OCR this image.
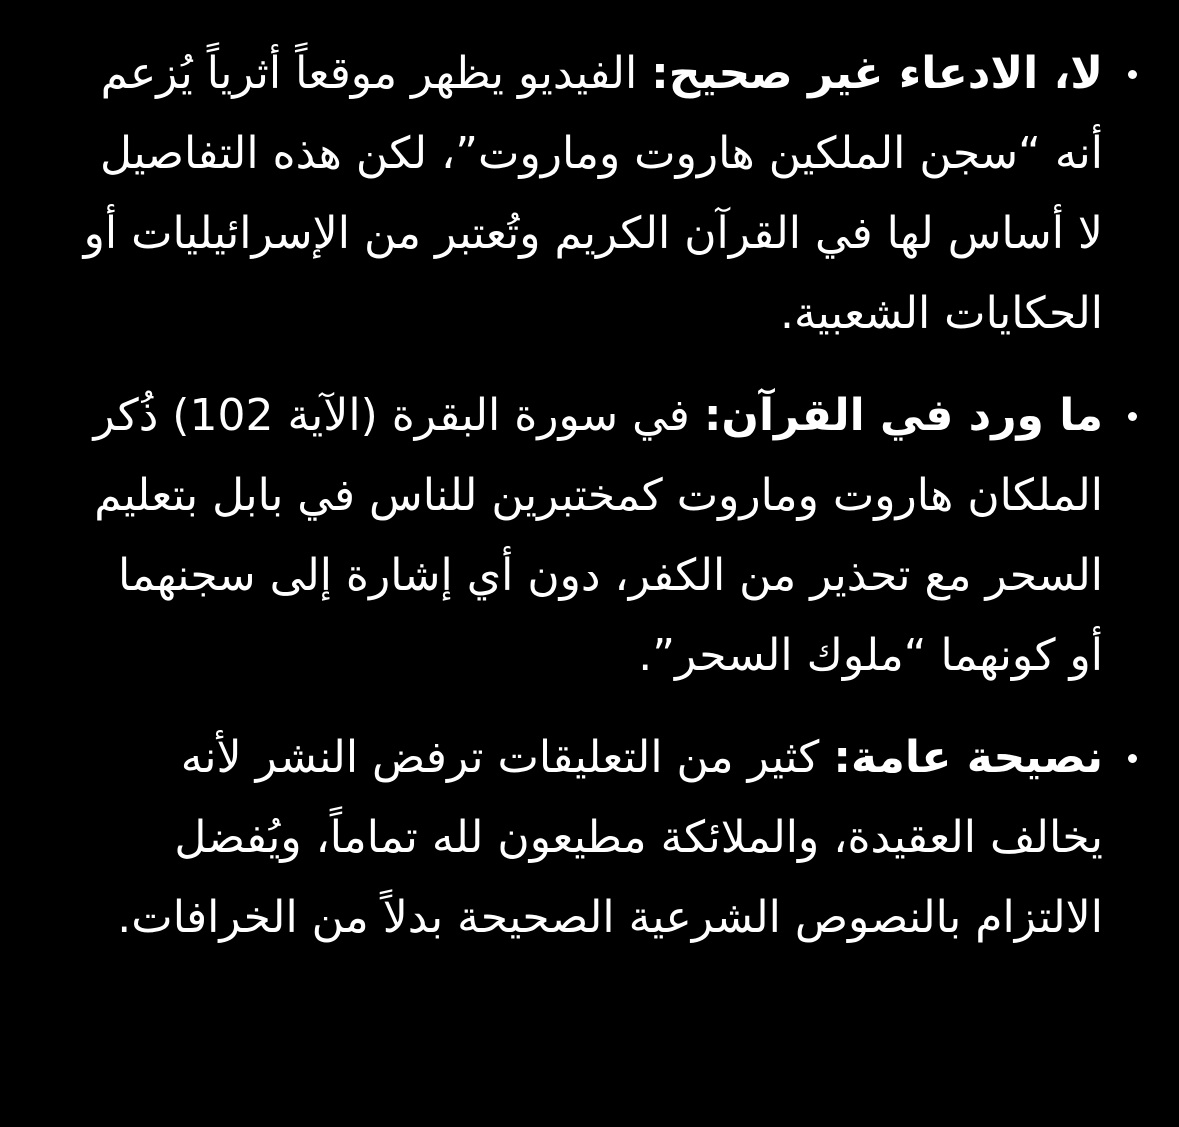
لا، الادعاء غير صحيح: الفيديو يظهر موقعاً أثرياً يُزعم أنه “سجن الملكين هاروت وماروت”، لكن هذه التفاصيل لا أساس لها في القرآن الكريم وتُعتبر من الإسرائيليات أو الحكايات الشعبية.
ما ورد في القرآن: في سورة البقرة (الآية 102) ذُكر الملكان هاروت وماروت كمختبرين للناس في بابل بتعليم السحر مع تحذير من الكفر، دون أي إشارة إلى سجنهما أو كونهما “ملوك السحر”.
نصيحة عامة: كثير من التعليقات ترفض النشر لأنه يخالف العقيدة، والملائكة مطيعون لله تماماً، ويُفضل الالتزام بالنصوص الشرعية الصحيحة بدلاً من الخرافات.
